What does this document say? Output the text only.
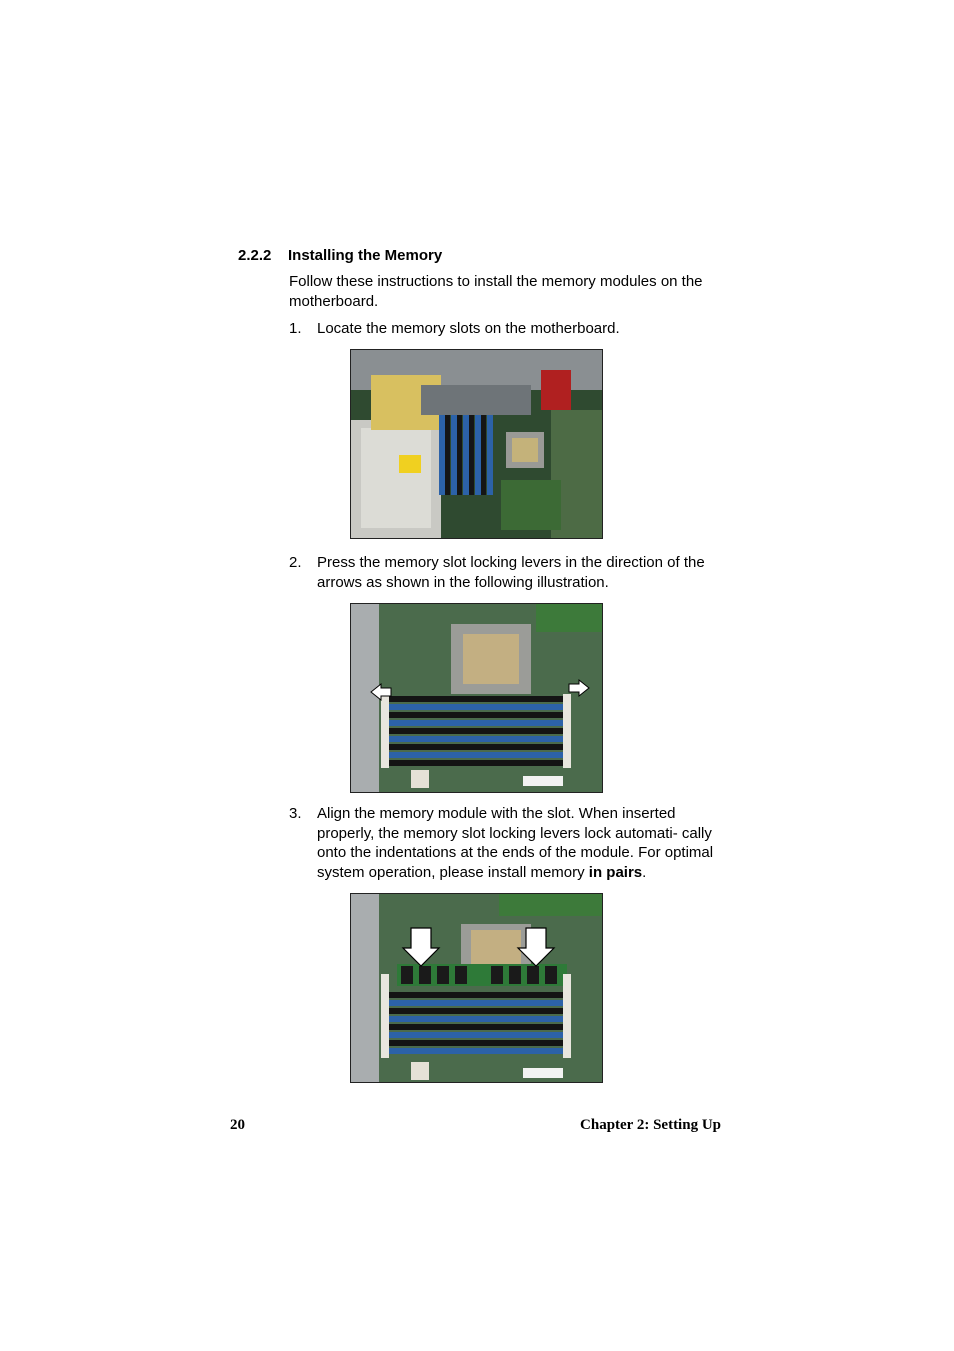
2.2.2 Installing the Memory
Follow these instructions to install the memory modules on the motherboard.
1. Locate the memory slots on the motherboard.
2. Press the memory slot locking levers in the direction of the arrows as shown in the following illustration.
3. Align the memory module with the slot. When inserted properly, the memory slot locking levers lock automati- cally onto the indentations at the ends of the module. For optimal system operation, please install memory in pairs.
20	Chapter 2: Setting Up
